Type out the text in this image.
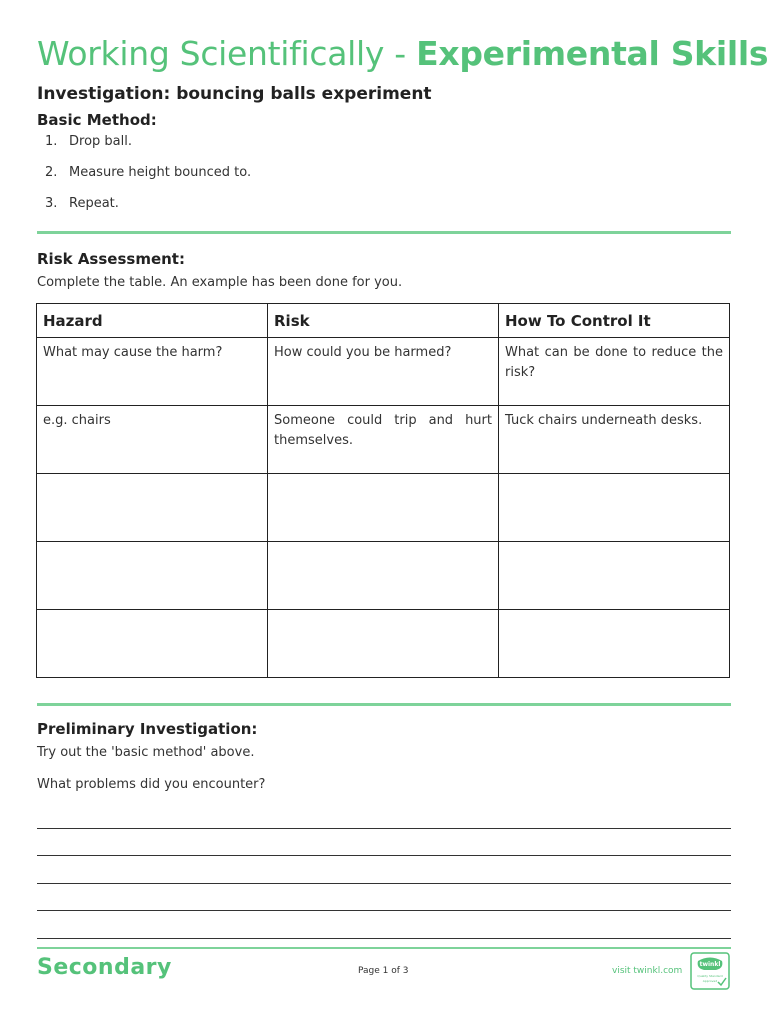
Working Scientifically - Experimental Skills
Investigation: bouncing balls experiment
Basic Method:
1. Drop ball.
2. Measure height bounced to.
3. Repeat.
Risk Assessment:
Complete the table. An example has been done for you.
Hazard	Risk	How To Control It
What may cause the harm?	How could you be harmed?	What can be done to reduce the risk?
e.g. chairs	Someone could trip and hurt themselves.	Tuck chairs underneath desks.

Preliminary Investigation:
Try out the 'basic method' above.
What problems did you encounter?
Secondary	Page 1 of 3	visit twinkl.com
twinkl
Quality Standard
Approved
